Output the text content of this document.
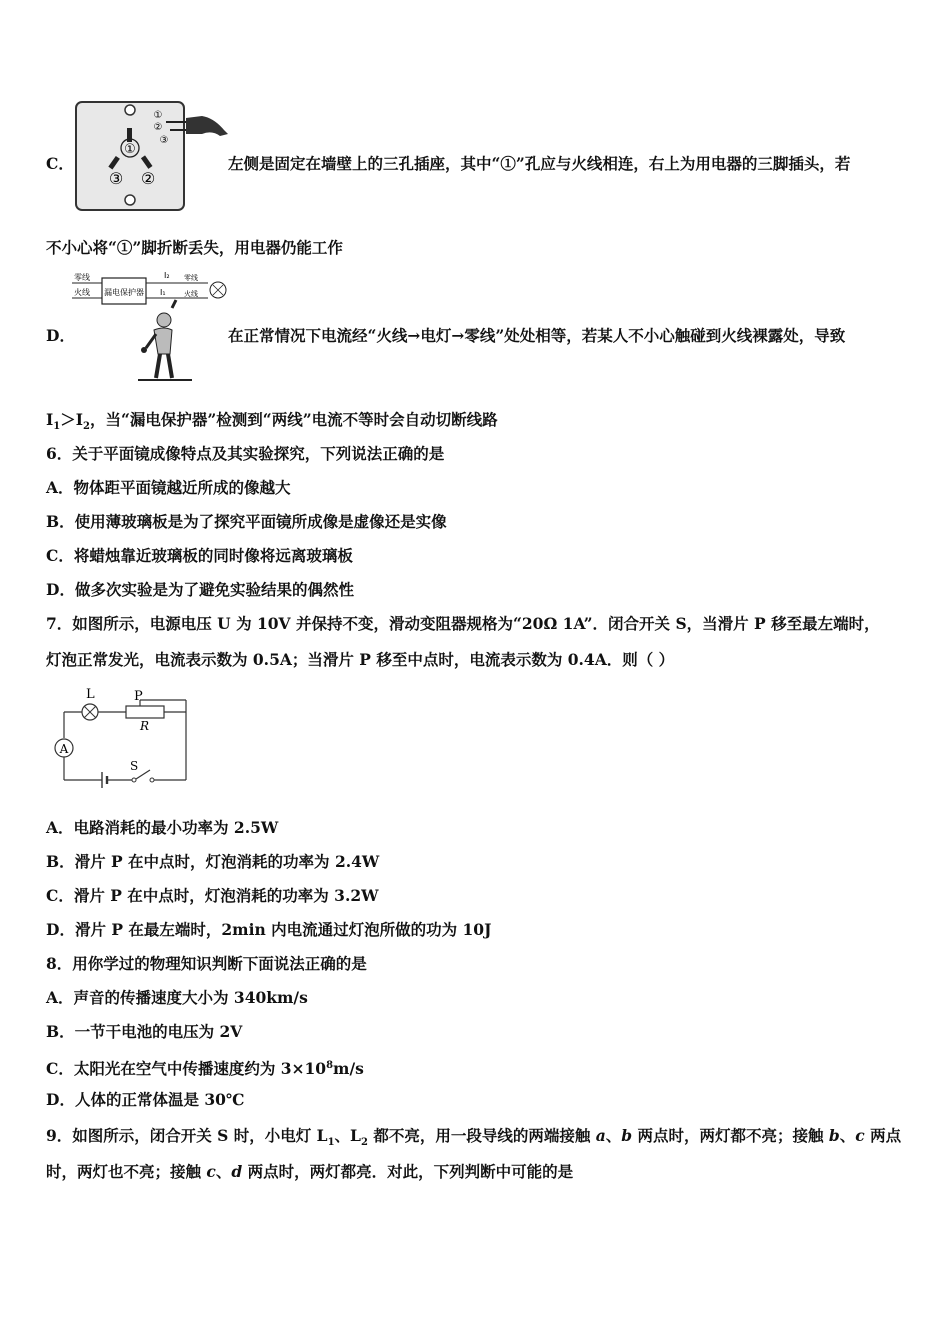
C．
①
③ ②
①
②
③
左侧是固定在墙壁上的三孔插座，其中“①”孔应与火线相连，右上为用电器的三脚插头，若
不小心将“①”脚折断丢失，用电器仍能工作
D．
零线
火线 漏电保护器
I₂
I₁
零线
火线
在正常情况下电流经“火线→电灯→零线”处处相等，若某人不小心触碰到火线裸露处，导致
$I_1>I_2$，当“漏电保护器”检测到“两线”电流不等时会自动切断线路
6．关于平面镜成像特点及其实验探究，下列说法正确的是
A．物体距平面镜越近所成的像越大
B．使用薄玻璃板是为了探究平面镜所成像是虚像还是实像
C．将蜡烛靠近玻璃板的同时像将远离玻璃板
D．做多次实验是为了避免实验结果的偶然性
7．如图所示，电源电压 U 为 10V 并保持不变，滑动变阻器规格为“20Ω 1A”．闭合开关 S，当滑片 P 移至最左端时，
灯泡正常发光，电流表示数为 0.5A；当滑片 P 移至中点时，电流表示数为 0.4A．则（ ）
L	P
R
A
S
A．电路消耗的最小功率为 2.5W
B．滑片 P 在中点时，灯泡消耗的功率为 2.4W
C．滑片 P 在中点时，灯泡消耗的功率为 3.2W
D．滑片 P 在最左端时，2min 内电流通过灯泡所做的功为 10J
8．用你学过的物理知识判断下面说法正确的是
A．声音的传播速度大小为 340km/s
B．一节干电池的电压为 2V
C．太阳光在空气中传播速度约为 $3\times 10^8m/s$
D．人体的正常体温是 30℃
9．如图所示，闭合开关 S 时，小电灯 $L_1$、$L_2$ 都不亮，用一段导线的两端接触 a、b 两点时，两灯都不亮；接触 b、c 两点
时，两灯也不亮；接触 c、d 两点时，两灯都亮．对此，下列判断中可能的是
